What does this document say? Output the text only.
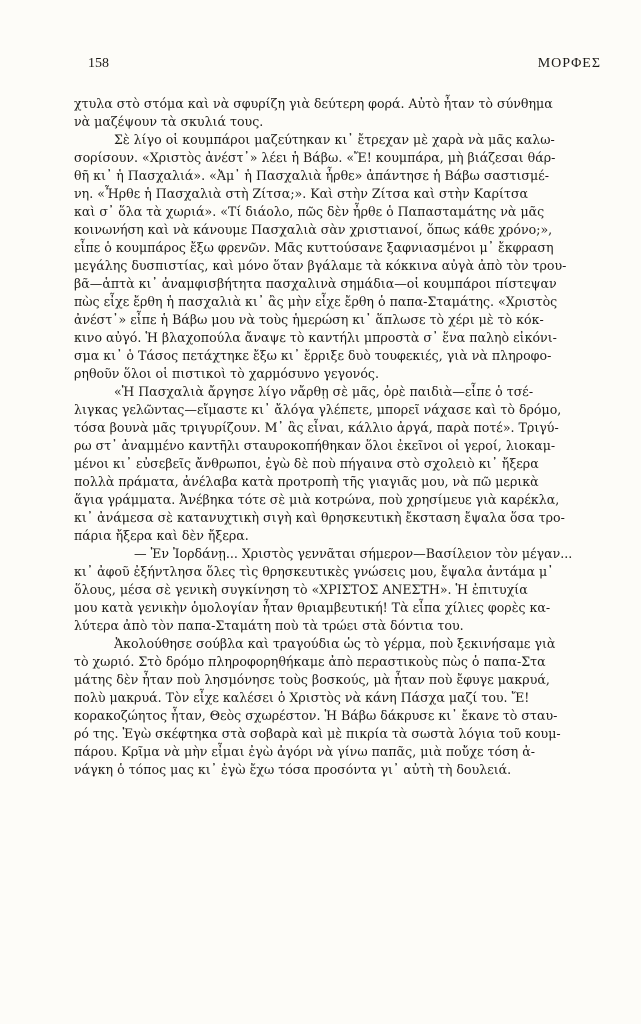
158	ΜΟΡΦΕΣ
χτυλα στὸ στόμα καὶ νὰ σφυρίζη γιὰ δεύτερη φορά. Αὐτὸ ἦταν τὸ σύνθημα
νὰ μαζέψουν τὰ σκυλιά τους.
Σὲ λίγο οἱ κουμπάροι μαζεύτηκαν κι᾿ ἔτρεχαν μὲ χαρὰ νὰ μᾶς καλω-
σορίσουν. «Χριστὸς ἀνέστ᾿» λέει ἡ Βάβω. «Ἔ! κουμπάρα, μὴ βιάζεσαι θάρ-
θῆ κι᾿ ἡ Πασχαλιά». «Ἀμ᾿ ἡ Πασχαλιὰ ἦρθε» ἀπάντησε ἡ Βάβω σαστισμέ-
νη. «Ἦρθε ἡ Πασχαλιὰ στὴ Ζίτσα;». Καὶ στὴν Ζίτσα καὶ στὴν Καρίτσα
καὶ σ᾿ ὅλα τὰ χωριά». «Τί διάολο, πῶς δὲν ἦρθε ὁ Παπασταμάτης νὰ μᾶς
κοινωνήση καὶ νὰ κάνουμε Πασχαλιὰ σὰν χριστιανοί, ὅπως κάθε χρόνο;»,
εἶπε ὁ κουμπάρος ἔξω φρενῶν. Μᾶς κυττούσανε ξαφνιασμένοι μ᾿ ἔκφραση
μεγάλης δυσπιστίας, καὶ μόνο ὅταν βγάλαμε τὰ κόκκινα αὐγὰ ἀπὸ τὸν τρου-
βᾶ—ἁπτὰ κι᾿ ἀναμφισβήτητα πασχαλινὰ σημάδια—οἱ κουμπάροι πίστεψαν
πὼς εἶχε ἔρθη ἡ πασχαλιὰ κι᾿ ἂς μὴν εἶχε ἔρθη ὁ παπα-Σταμάτης. «Χριστὸς
ἀνέστ᾿» εἶπε ἡ Βάβω μου νὰ τοὺς ἡμερώση κι᾿ ἅπλωσε τὸ χέρι μὲ τὸ κόκ-
κινο αὐγό. Ἡ βλαχοπούλα ἄναψε τὸ καντήλι μπροστὰ σ᾿ ἕνα παληὸ εἰκόνι-
σμα κι᾿ ὁ Τάσος πετάχτηκε ἔξω κι᾿ ἔρριξε δυὸ τουφεκιές, γιὰ νὰ πληροφο-
ρηθοῦν ὅλοι οἱ πιστικοὶ τὸ χαρμόσυνο γεγονός.
«Ἡ Πασχαλιὰ ἄργησε λίγο νἄρθῃ σὲ μᾶς, ὀρὲ παιδιὰ—εἶπε ὁ τσέ-
λιγκας γελῶντας—εἴμαστε κι᾿ ἄλόγα γλέπετε, μπορεῖ νάχασε καὶ τὸ δρόμο,
τόσα βουνὰ μᾶς τριγυρίζουν. Μ᾿ ἂς εἶναι, κάλλιο ἀργά, παρὰ ποτέ». Τριγύ-
ρω στ᾿ ἀναμμένο καντῆλι σταυροκοπήθηκαν ὅλοι ἐκεῖνοι οἱ γεροί, λιοκαμ-
μένοι κι᾿ εὐσεβεῖς ἄνθρωποι, ἐγὼ δὲ ποὺ πήγαινα στὸ σχολειὸ κι᾿ ἤξερα
πολλὰ πράματα, ἀνέλαβα κατὰ προτροπὴ τῆς γιαγιᾶς μου, νὰ πῶ μερικὰ
ἅγια γράμματα. Ἀνέβηκα τότε σὲ μιὰ κοτρώνα, ποὺ χρησίμευε γιὰ καρέκλα,
κι᾿ ἀνάμεσα σὲ κατανυχτικὴ σιγὴ καὶ θρησκευτικὴ ἔκσταση ἔψαλα ὅσα τρο-
πάρια ἤξερα καὶ δὲν ἤξερα.
— Ἐν Ἰορδάνῃ... Χριστὸς γεννᾶται σήμερον—Βασίλειον τὸν μέγαν...
κι᾿ ἀφοῦ ἐξήντλησα ὅλες τὶς θρησκευτικὲς γνώσεις μου, ἔψαλα ἀντάμα μ᾿
ὅλους, μέσα σὲ γενικὴ συγκίνηση τὸ «ΧΡΙΣΤΟΣ ΑΝΕΣΤΗ». Ἡ ἐπιτυχία
μου κατὰ γενικὴν ὁμολογίαν ἦταν θριαμβευτική! Τὰ εἶπα χίλιες φορὲς κα-
λύτερα ἀπὸ τὸν παπα-Σταμάτη ποὺ τὰ τρώει στὰ δόντια του.
Ἀκολούθησε σούβλα καὶ τραγούδια ὡς τὸ γέρμα, ποὺ ξεκινήσαμε γιὰ
τὸ χωριό. Στὸ δρόμο πληροφορηθήκαμε ἀπὸ περαστικοὺς πὼς ὁ παπα-Στα
μάτης δὲν ἦταν ποὺ λησμόνησε τοὺς βοσκούς, μὰ ἦταν ποὺ ἔφυγε μακρυά,
πολὺ μακρυά. Τὸν εἶχε καλέσει ὁ Χριστὸς νὰ κάνη Πάσχα μαζί του. Ἔ!
κορακοζώητος ἦταν, Θεὸς σχωρέστον. Ἡ Βάβω δάκρυσε κι᾿ ἔκανε τὸ σταυ-
ρό της. Ἐγὼ σκέφτηκα στὰ σοβαρὰ καὶ μὲ πικρία τὰ σωστὰ λόγια τοῦ κουμ-
πάρου. Κρῖμα νὰ μὴν εἶμαι ἐγὼ ἀγόρι νὰ γίνω παπᾶς, μιὰ ποὔχε τόση ἀ-
νάγκη ὁ τόπος μας κι᾿ ἐγὼ ἔχω τόσα προσόντα γι᾿ αὐτὴ τὴ δουλειά.
